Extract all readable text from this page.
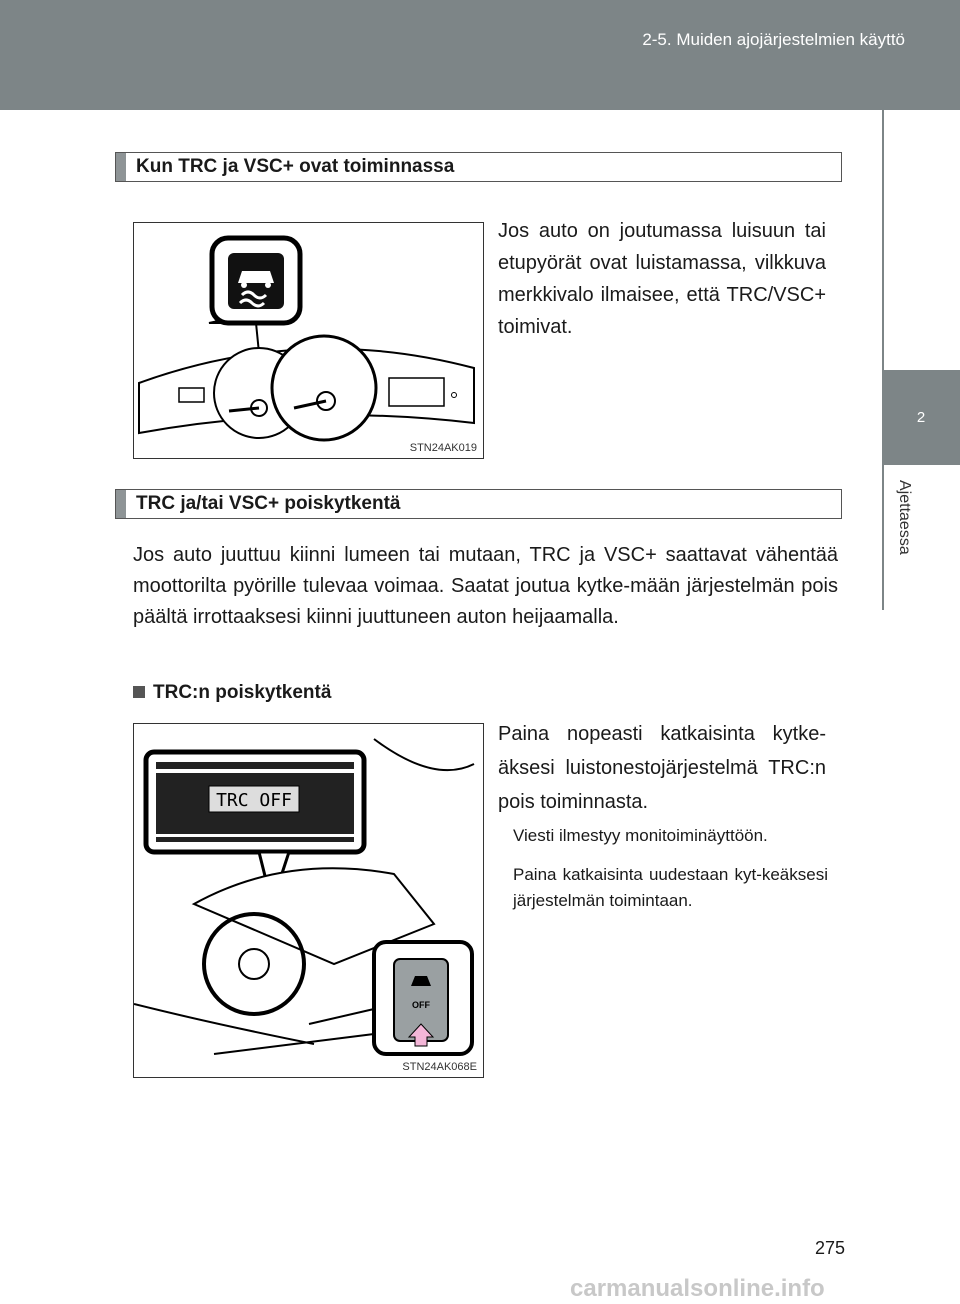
2-5. Muiden ajojärjestelmien käyttö
2
Ajettaessa
Kun TRC ja VSC+ ovat toiminnassa
STN24AK019
Jos auto on joutumassa luisuun tai etupyörät ovat luistamassa, vilkkuva merkkivalo ilmaisee, että TRC/VSC+ toimivat.
TRC ja/tai VSC+ poiskytkentä
Jos auto juuttuu kiinni lumeen tai mutaan, TRC ja VSC+ saattavat vähentää moottorilta pyörille tulevaa voimaa. Saatat joutua kytke-mään järjestelmän pois päältä irrottaaksesi kiinni juuttuneen auton heijaamalla.
TRC:n poiskytkentä
TRC OFF
OFF
STN24AK068E
Paina nopeasti katkaisinta kytke-äksesi luistonestojärjestelmä TRC:n pois toiminnasta.
Viesti ilmestyy monitoiminäyttöön.
Paina katkaisinta uudestaan kyt-keäksesi järjestelmän toimintaan.
275
carmanualsonline.info
